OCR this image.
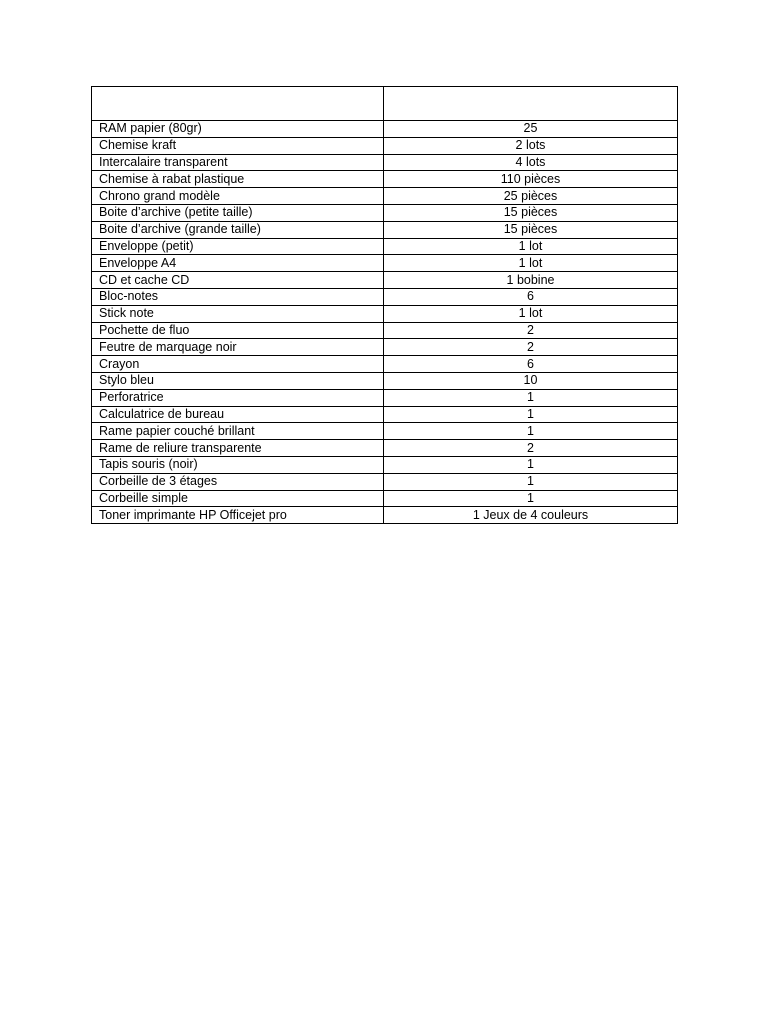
RAM papier (80gr)	25
Chemise kraft	2 lots
Intercalaire transparent	4 lots
Chemise à rabat plastique	110 pièces
Chrono grand modèle	25 pièces
Boite d’archive (petite taille)	15 pièces
Boite d’archive (grande taille)	15 pièces
Enveloppe (petit)	1 lot
Enveloppe A4	1 lot
CD et cache CD	1 bobine
Bloc-notes	6
Stick note	1 lot
Pochette de fluo	2
Feutre de marquage noir	2
Crayon	6
Stylo bleu	10
Perforatrice	1
Calculatrice de bureau	1
Rame papier couché brillant	1
Rame de reliure transparente	2
Tapis souris (noir)	1
Corbeille de 3 étages	1
Corbeille simple	1
Toner imprimante HP Officejet pro	1 Jeux de 4 couleurs
